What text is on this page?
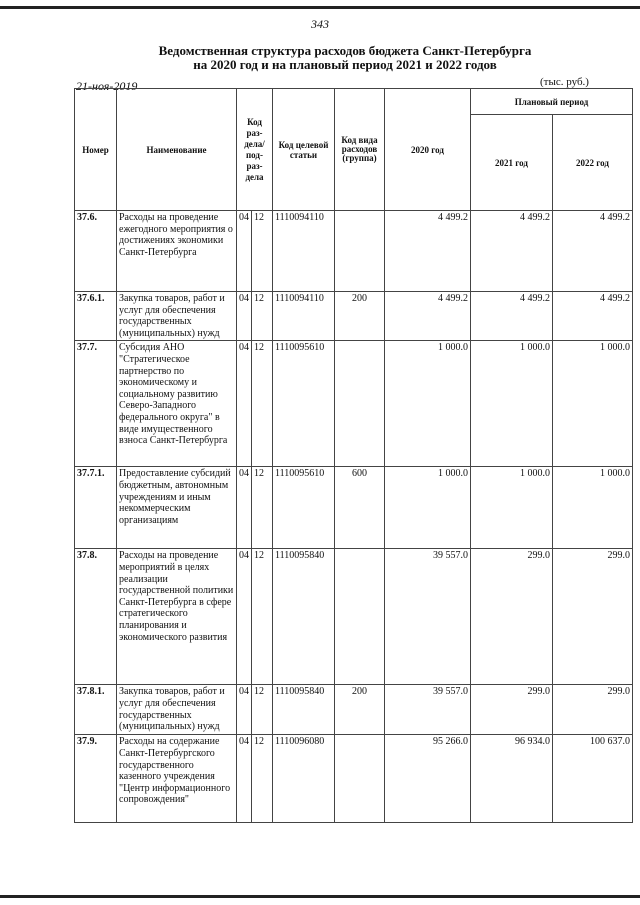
343
Ведомственная структура расходов бюджета Санкт-Петербурга
на 2020 год и на плановый период 2021 и 2022 годов
21-ноя-2019	(тыс. руб.)
Номер	Наименование	Код раз-дела/ под-раз-дела		Код целевой статьи	Код вида расходов (группа)	2020 год	Плановый период	
							2021 год	2022 год
37.6.	Расходы на проведение ежегодного мероприятия о достижениях экономики Санкт-Петербурга	04	12	1110094110		4 499.2	4 499.2	4 499.2
37.6.1.	Закупка товаров, работ и услуг для обеспечения государственных (муниципальных) нужд	04	12	1110094110	200	4 499.2	4 499.2	4 499.2
37.7.	Субсидия АНО "Стратегическое партнерство по экономическому и социальному развитию Северо-Западного федерального округа" в виде имущественного взноса Санкт-Петербурга	04	12	1110095610		1 000.0	1 000.0	1 000.0
37.7.1.	Предоставление субсидий бюджетным, автономным учреждениям и иным некоммерческим организациям	04	12	1110095610	600	1 000.0	1 000.0	1 000.0
37.8.	Расходы на проведение мероприятий в целях реализации государственной политики Санкт-Петербурга в сфере стратегического планирования и экономического развития	04	12	1110095840		39 557.0	299.0	299.0
37.8.1.	Закупка товаров, работ и услуг для обеспечения государственных (муниципальных) нужд	04	12	1110095840	200	39 557.0	299.0	299.0
37.9.	Расходы на содержание Санкт-Петербургского государственного казенного учреждения "Центр информационного сопровождения"	04	12	1110096080		95 266.0	96 934.0	100 637.0
